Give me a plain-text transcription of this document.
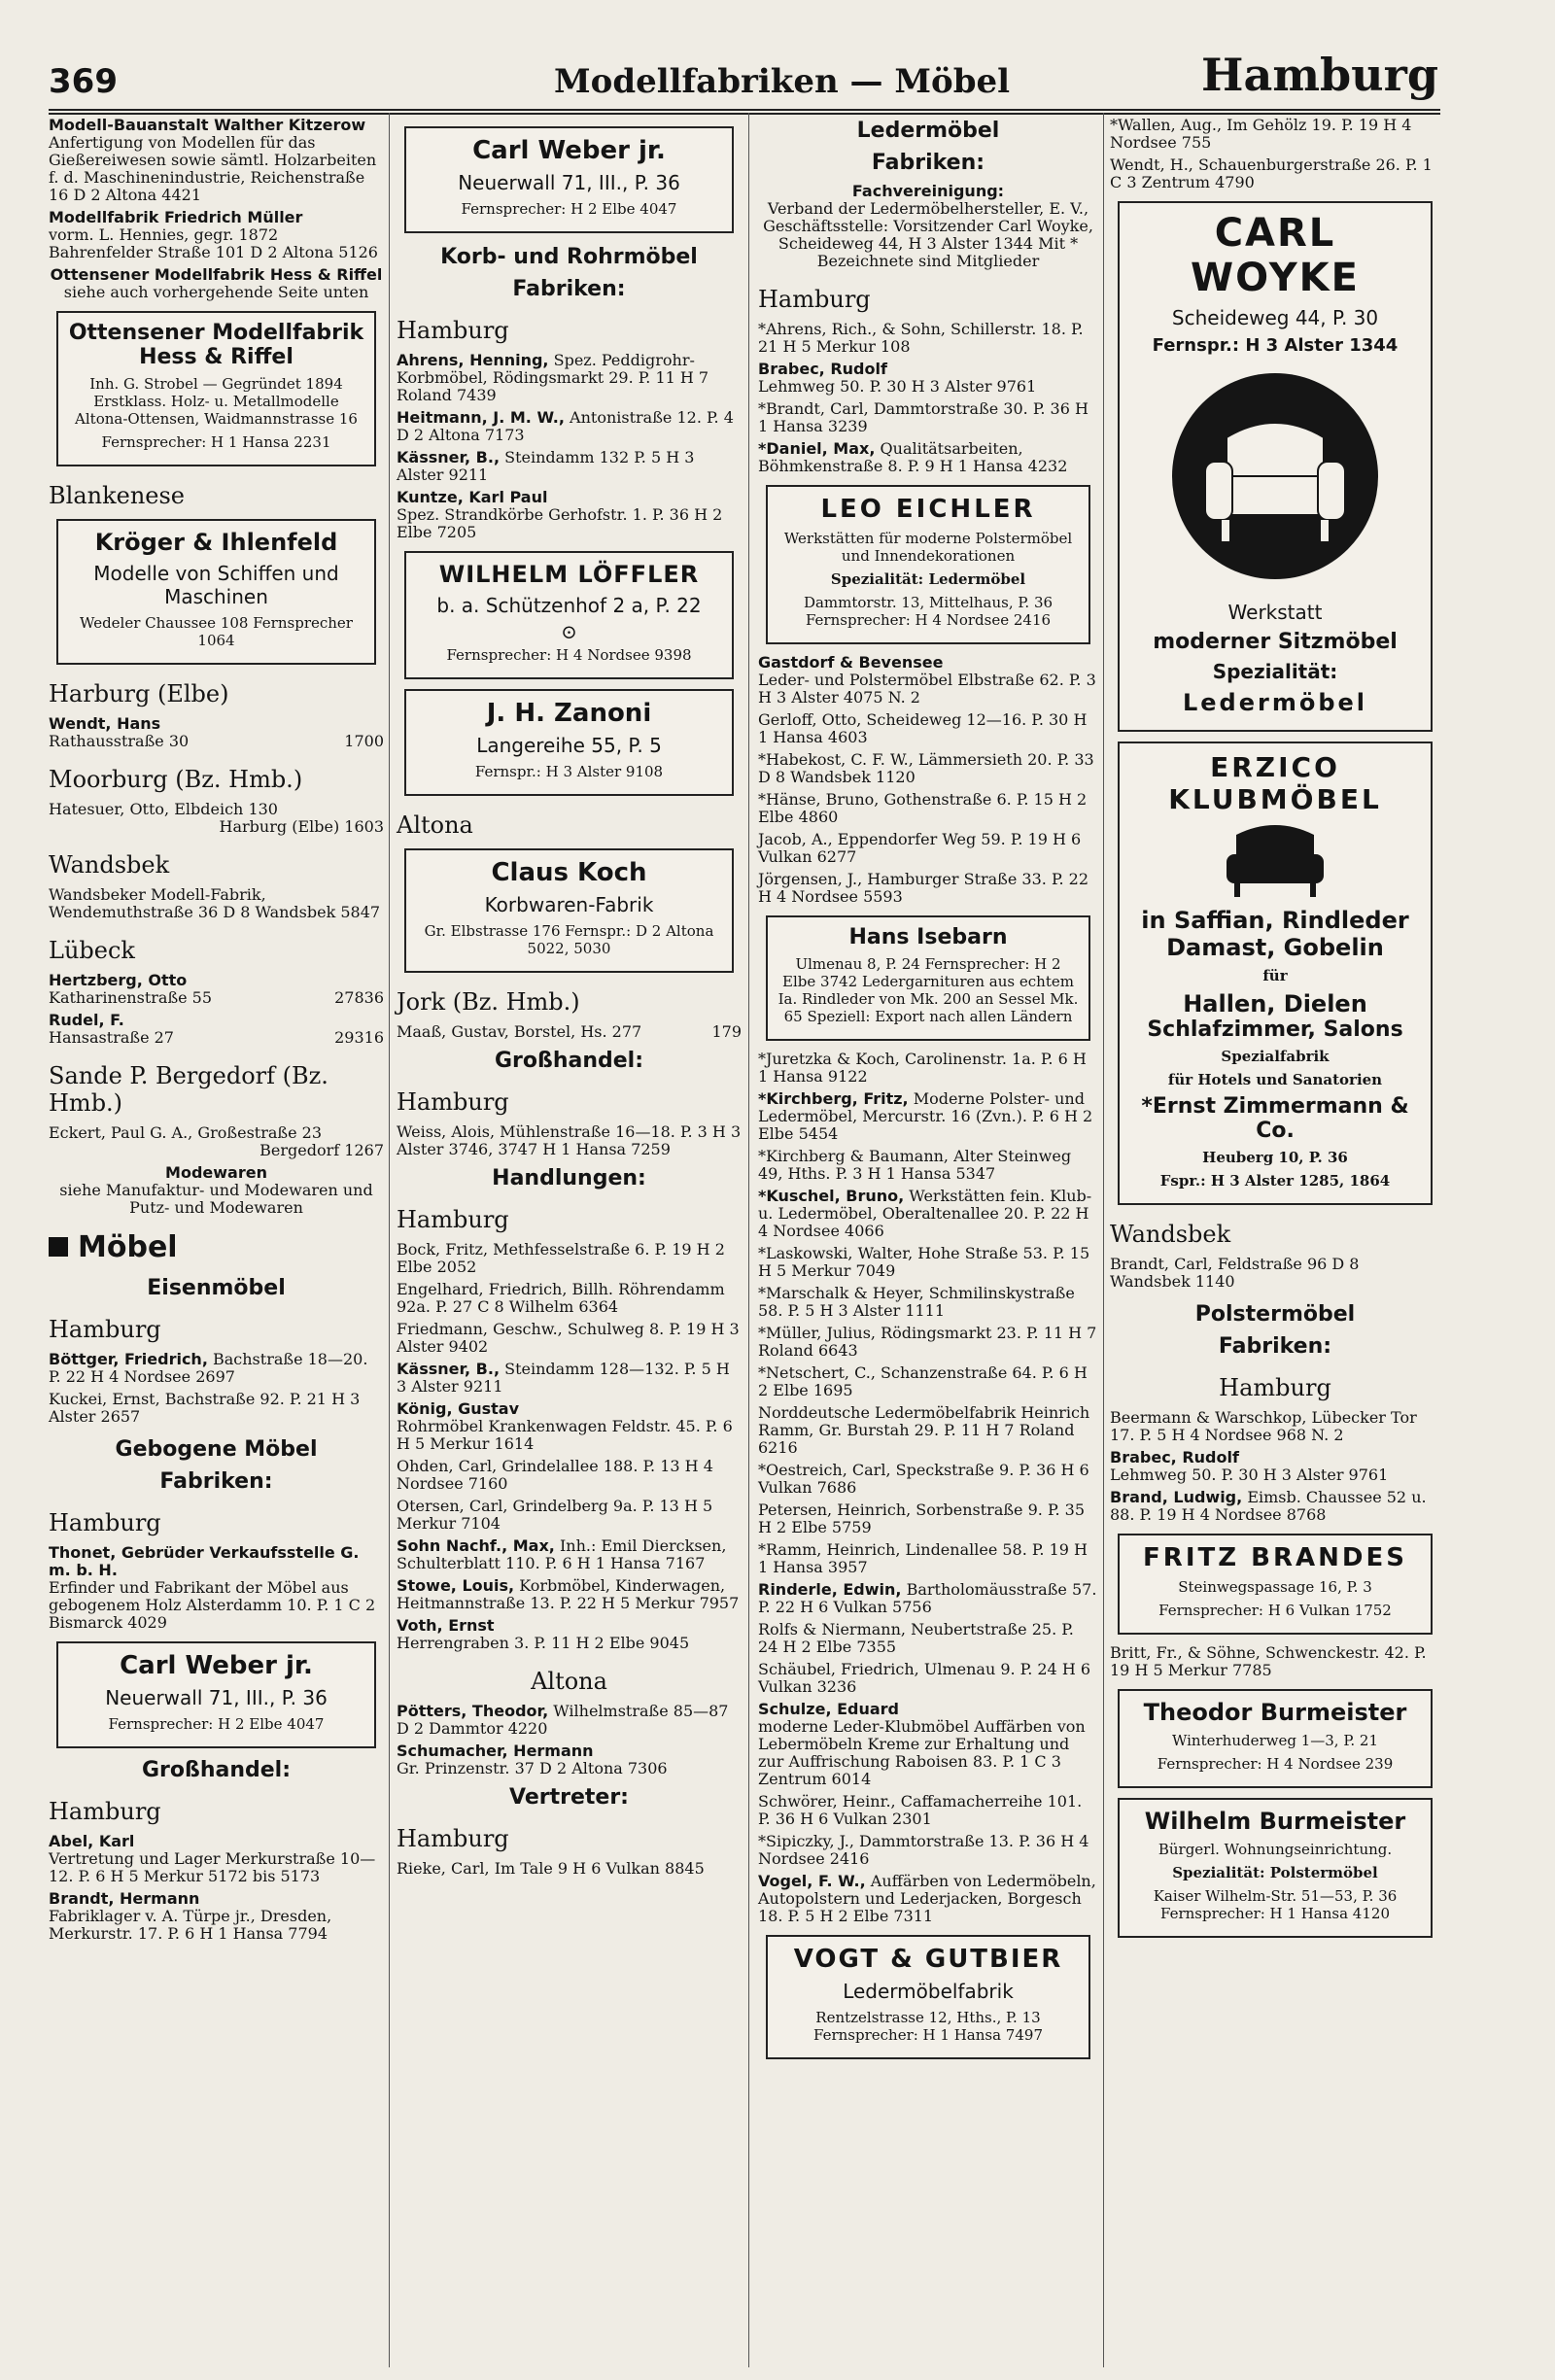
369	Modellfabriken — Möbel	Hamburg
Modell-Bauanstalt Walther Kitzerow
Anfertigung von Modellen für das Gießereiwesen sowie sämtl. Holzarbeiten f. d. Maschinenindustrie, Reichenstraße 16 D 2 Altona 4421
Modellfabrik Friedrich Müller
vorm. L. Hennies, gegr. 1872 Bahrenfelder Straße 101 D 2 Altona 5126
Ottensener Modellfabrik Hess & Riffel
siehe auch vorhergehende Seite unten
Ottensener Modellfabrik Hess & Riffel
Inh. G. Strobel — Gegründet 1894 Erstklass. Holz- u. Metallmodelle Altona-Ottensen, Waidmannstrasse 16
Fernsprecher: H 1 Hansa 2231
Blankenese
Kröger & Ihlenfeld
Modelle von Schiffen und Maschinen
Wedeler Chaussee 108 Fernsprecher 1064
Harburg (Elbe)
Wendt, Hans
Rathausstraße 30	1700
Moorburg (Bz. Hmb.)
Hatesuer, Otto, Elbdeich 130
Harburg (Elbe) 1603
Wandsbek
Wandsbeker Modell-Fabrik, Wendemuthstraße 36 D 8 Wandsbek 5847
Lübeck
Hertzberg, Otto
Katharinenstraße 55	27836
Rudel, F.
Hansastraße 27	29316
Sande P. Bergedorf (Bz. Hmb.)
Eckert, Paul G. A., Großestraße 23
Bergedorf 1267
Modewaren
siehe Manufaktur- und Modewaren und Putz- und Modewaren
Möbel
Eisenmöbel
Hamburg
Böttger, Friedrich, Bachstraße 18—20. P. 22 H 4 Nordsee 2697
Kuckei, Ernst, Bachstraße 92. P. 21 H 3 Alster 2657
Gebogene Möbel
Fabriken:
Hamburg
Thonet, Gebrüder Verkaufsstelle G. m. b. H.
Erfinder und Fabrikant der Möbel aus gebogenem Holz Alsterdamm 10. P. 1 C 2 Bismarck 4029
Carl Weber jr.
Neuerwall 71, III., P. 36
Fernsprecher: H 2 Elbe 4047
Großhandel:
Hamburg
Abel, Karl
Vertretung und Lager Merkurstraße 10—12. P. 6 H 5 Merkur 5172 bis 5173
Brandt, Hermann
Fabriklager v. A. Türpe jr., Dresden, Merkurstr. 17. P. 6 H 1 Hansa 7794
Carl Weber jr.
Neuerwall 71, III., P. 36
Fernsprecher: H 2 Elbe 4047
Korb- und Rohrmöbel
Fabriken:
Hamburg
Ahrens, Henning, Spez. Peddigrohr-Korbmöbel, Rödingsmarkt 29. P. 11 H 7 Roland 7439
Heitmann, J. M. W., Antonistraße 12. P. 4 D 2 Altona 7173
Kässner, B., Steindamm 132 P. 5 H 3 Alster 9211
Kuntze, Karl Paul
Spez. Strandkörbe Gerhofstr. 1. P. 36 H 2 Elbe 7205
WILHELM LÖFFLER
b. a. Schützenhof 2 a, P. 22
⊙
Fernsprecher: H 4 Nordsee 9398
J. H. Zanoni
Langereihe 55, P. 5
Fernspr.: H 3 Alster 9108
Altona
Claus Koch
Korbwaren-Fabrik
Gr. Elbstrasse 176 Fernspr.: D 2 Altona 5022, 5030
Jork (Bz. Hmb.)
Maaß, Gustav, Borstel, Hs. 277	179
Großhandel:
Hamburg
Weiss, Alois, Mühlenstraße 16—18. P. 3 H 3 Alster 3746, 3747 H 1 Hansa 7259
Handlungen:
Hamburg
Bock, Fritz, Methfesselstraße 6. P. 19 H 2 Elbe 2052
Engelhard, Friedrich, Billh. Röhrendamm 92a. P. 27 C 8 Wilhelm 6364
Friedmann, Geschw., Schulweg 8. P. 19 H 3 Alster 9402
Kässner, B., Steindamm 128—132. P. 5 H 3 Alster 9211
König, Gustav
Rohrmöbel Krankenwagen Feldstr. 45. P. 6 H 5 Merkur 1614
Ohden, Carl, Grindelallee 188. P. 13 H 4 Nordsee 7160
Otersen, Carl, Grindelberg 9a. P. 13 H 5 Merkur 7104
Sohn Nachf., Max, Inh.: Emil Diercksen, Schulterblatt 110. P. 6 H 1 Hansa 7167
Stowe, Louis, Korbmöbel, Kinderwagen, Heitmannstraße 13. P. 22 H 5 Merkur 7957
Voth, Ernst
Herrengraben 3. P. 11 H 2 Elbe 9045
Altona
Pötters, Theodor, Wilhelmstraße 85—87 D 2 Dammtor 4220
Schumacher, Hermann
Gr. Prinzenstr. 37 D 2 Altona 7306
Vertreter:
Hamburg
Rieke, Carl, Im Tale 9 H 6 Vulkan 8845
Ledermöbel
Fabriken:
Fachvereinigung:
Verband der Ledermöbelhersteller, E. V., Geschäftsstelle: Vorsitzender Carl Woyke, Scheideweg 44, H 3 Alster 1344 Mit * Bezeichnete sind Mitglieder
Hamburg
*Ahrens, Rich., & Sohn, Schillerstr. 18. P. 21 H 5 Merkur 108
Brabec, Rudolf
Lehmweg 50. P. 30 H 3 Alster 9761
*Brandt, Carl, Dammtorstraße 30. P. 36 H 1 Hansa 3239
*Daniel, Max, Qualitätsarbeiten, Böhmkenstraße 8. P. 9 H 1 Hansa 4232
LEO EICHLER
Werkstätten für moderne Polstermöbel und Innendekorationen
Spezialität: Ledermöbel
Dammtorstr. 13, Mittelhaus, P. 36 Fernsprecher: H 4 Nordsee 2416
Gastdorf & Bevensee
Leder- und Polstermöbel Elbstraße 62. P. 3 H 3 Alster 4075 N. 2
Gerloff, Otto, Scheideweg 12—16. P. 30 H 1 Hansa 4603
*Habekost, C. F. W., Lämmersieth 20. P. 33 D 8 Wandsbek 1120
*Hänse, Bruno, Gothenstraße 6. P. 15 H 2 Elbe 4860
Jacob, A., Eppendorfer Weg 59. P. 19 H 6 Vulkan 6277
Jörgensen, J., Hamburger Straße 33. P. 22 H 4 Nordsee 5593
Hans Isebarn
Ulmenau 8, P. 24 Fernsprecher: H 2 Elbe 3742 Ledergarnituren aus echtem Ia. Rindleder von Mk. 200 an Sessel Mk. 65 Speziell: Export nach allen Ländern
*Juretzka & Koch, Carolinenstr. 1a. P. 6 H 1 Hansa 9122
*Kirchberg, Fritz, Moderne Polster- und Ledermöbel, Mercurstr. 16 (Zvn.). P. 6 H 2 Elbe 5454
*Kirchberg & Baumann, Alter Steinweg 49, Hths. P. 3 H 1 Hansa 5347
*Kuschel, Bruno, Werkstätten fein. Klub- u. Ledermöbel, Oberaltenallee 20. P. 22 H 4 Nordsee 4066
*Laskowski, Walter, Hohe Straße 53. P. 15 H 5 Merkur 7049
*Marschalk & Heyer, Schmilinskystraße 58. P. 5 H 3 Alster 1111
*Müller, Julius, Rödingsmarkt 23. P. 11 H 7 Roland 6643
*Netschert, C., Schanzenstraße 64. P. 6 H 2 Elbe 1695
Norddeutsche Ledermöbelfabrik Heinrich Ramm, Gr. Burstah 29. P. 11 H 7 Roland 6216
*Oestreich, Carl, Speckstraße 9. P. 36 H 6 Vulkan 7686
Petersen, Heinrich, Sorbenstraße 9. P. 35 H 2 Elbe 5759
*Ramm, Heinrich, Lindenallee 58. P. 19 H 1 Hansa 3957
Rinderle, Edwin, Bartholomäusstraße 57. P. 22 H 6 Vulkan 5756
Rolfs & Niermann, Neubertstraße 25. P. 24 H 2 Elbe 7355
Schäubel, Friedrich, Ulmenau 9. P. 24 H 6 Vulkan 3236
Schulze, Eduard
moderne Leder-Klubmöbel Auffärben von Lebermöbeln Kreme zur Erhaltung und zur Auffrischung Raboisen 83. P. 1 C 3 Zentrum 6014
Schwörer, Heinr., Caffamacherreihe 101. P. 36 H 6 Vulkan 2301
*Sipiczky, J., Dammtorstraße 13. P. 36 H 4 Nordsee 2416
Vogel, F. W., Auffärben von Ledermöbeln, Autopolstern und Lederjacken, Borgesch 18. P. 5 H 2 Elbe 7311
VOGT & GUTBIER
Ledermöbelfabrik
Rentzelstrasse 12, Hths., P. 13 Fernsprecher: H 1 Hansa 7497
*Wallen, Aug., Im Gehölz 19. P. 19 H 4 Nordsee 755
Wendt, H., Schauenburgerstraße 26. P. 1 C 3 Zentrum 4790
CARL WOYKE
Scheideweg 44, P. 30
Fernspr.: H 3 Alster 1344
Werkstatt
moderner Sitzmöbel
Spezialität:
Ledermöbel
ERZICO KLUBMÖBEL
in Saffian, Rindleder
Damast, Gobelin
für
Hallen, Dielen
Schlafzimmer, Salons
Spezialfabrik
für Hotels und Sanatorien
*Ernst Zimmermann & Co.
Heuberg 10, P. 36
Fspr.: H 3 Alster 1285, 1864
Wandsbek
Brandt, Carl, Feldstraße 96 D 8 Wandsbek 1140
Polstermöbel
Fabriken:
Hamburg
Beermann & Warschkop, Lübecker Tor 17. P. 5 H 4 Nordsee 968 N. 2
Brabec, Rudolf
Lehmweg 50. P. 30 H 3 Alster 9761
Brand, Ludwig, Eimsb. Chaussee 52 u. 88. P. 19 H 4 Nordsee 8768
FRITZ BRANDES
Steinwegspassage 16, P. 3
Fernsprecher: H 6 Vulkan 1752
Britt, Fr., & Söhne, Schwenckestr. 42. P. 19 H 5 Merkur 7785
Theodor Burmeister
Winterhuderweg 1—3, P. 21
Fernsprecher: H 4 Nordsee 239
Wilhelm Burmeister
Bürgerl. Wohnungseinrichtung.
Spezialität: Polstermöbel
Kaiser Wilhelm-Str. 51—53, P. 36 Fernsprecher: H 1 Hansa 4120
